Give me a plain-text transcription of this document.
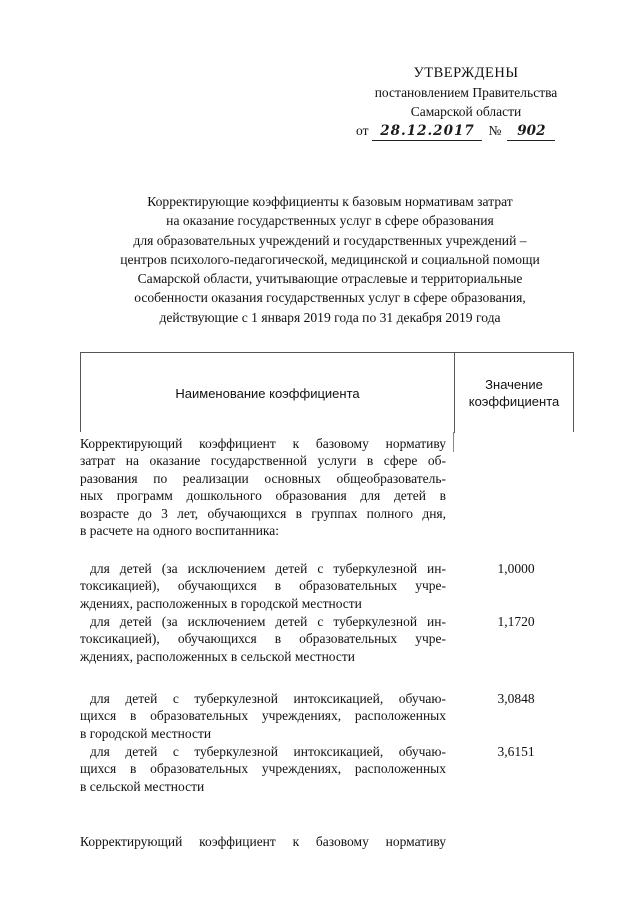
УТВЕРЖДЕНЫ
постановлением Правительства
Самарской области
от 28.12.2017 № 902
Корректирующие коэффициенты к базовым нормативам затрат
на оказание государственных услуг в сфере образования
для образовательных учреждений и государственных учреждений –
центров психолого-педагогической, медицинской и социальной помощи
Самарской области, учитывающие отраслевые и территориальные
особенности оказания государственных услуг в сфере образования,
действующие с 1 января 2019 года по 31 декабря 2019 года
Наименование коэффициента
Значение
коэффициента
Корректирующий коэффициент к базовому нормативу
затрат на оказание государственной услуги в сфере об-
разования по реализации основных общеобразователь-
ных программ дошкольного образования для детей в
возрасте до 3 лет, обучающихся в группах полного дня,
в расчете на одного воспитанника:
для детей (за исключением детей с туберкулезной ин-
токсикацией), обучающихся в образовательных учре-
ждениях, расположенных в городской местности
1,0000
для детей (за исключением детей с туберкулезной ин-
токсикацией), обучающихся в образовательных учре-
ждениях, расположенных в сельской местности
1,1720
для детей с туберкулезной интоксикацией, обучаю-
щихся в образовательных учреждениях, расположенных
в городской местности
3,0848
для детей с туберкулезной интоксикацией, обучаю-
щихся в образовательных учреждениях, расположенных
в сельской местности
3,6151
Корректирующий коэффициент к базовому нормативу
